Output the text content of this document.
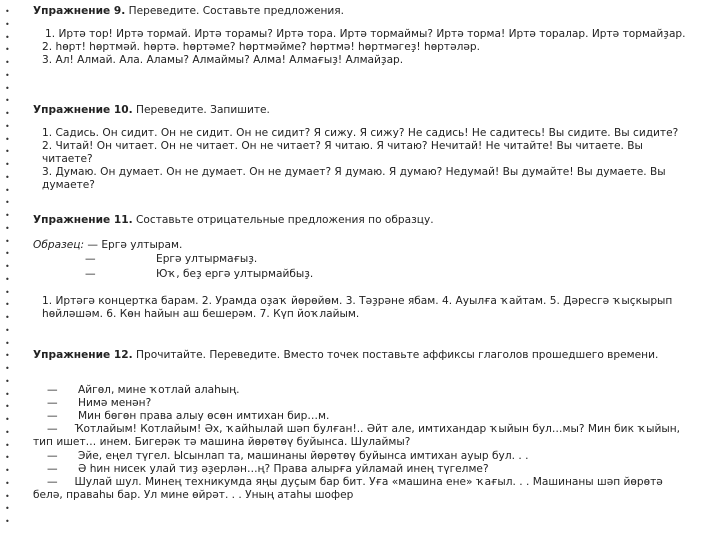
•
•
•
•
•
•
•
•
•
•
•
•
•
•
•
•
•
•
•
•
•
•
•
•
•
•
•
•
•
•
•
•
•
•
•
•
•
•
•
•
•

Упражнение 9. Переведите. Составьте предложения.

1. Иртә тор! Иртә тормай. Иртә торамы? Иртә тора. Иртә тормаймы? Иртә торма! Иртә торалар. Иртә тормайҙар.

2. һөрт! һөртмәй. һөртә. һөртәме? һөртмәйме? һөртмә! һөртмәгеҙ! һөртәләр.

3. Ал! Алмай. Ала. Аламы? Алмаймы? Алма! Алмағыҙ! Алмайҙар.

Упражнение 10. Переведите. Запишите.

1. Садись. Он сидит. Он не сидит. Он не сидит? Я сижу. Я сижу? Не садись! Не садитесь! Вы сидите. Вы сидите?

2. Читай! Он читает. Он не читает. Он не читает? Я читаю. Я читаю? Нечитай! Не читайте! Вы читаете. Вы читаете?

3. Думаю. Он думает. Он не думает. Он не думает? Я думаю. Я думаю? Недумай! Вы думайте! Вы думаете. Вы думаете?

Упражнение 11. Составьте отрицательные предложения по образцу.

Образец: — Ергә ултырам.

—	Ергә ултырмағыҙ.
—	Юҡ, беҙ ергә ултырмайбыҙ.

1. Иртәгә концертка барам. 2. Урамда оҙаҡ йөрөйөм. 3. Тәҙрәне ябам. 4. Ауылға ҡайтам. 5. Дәресгә ҡыҫкырып һөйләшәм. 6. Көн һайын аш бешерәм. 7. Күп йоҡлайым.

Упражнение 12. Прочитайте. Переведите. Вместо точек поставьте аффиксы глаголов прошедшего времени.

— Айгөл, мине ҡотлай алаһың.
— Нимә менән?
— Мин бөгөн права алыу өсөн имтихан бир…м.

— Ҡотлайым! Котлайым! Әх, ҡайһылай шәп булған!.. Әйт але, имтихандар ҡыйын бул…мы? Мин бик ҡыйын, тип ишет… инем. Бигерәк тә машина йөрөтөү буйынса. Шулаймы?

— Эйе, еңел түгел. Ысынлап та, машинаны йөрөтөү буйынса имтихан ауыр бул. . .
— Ә һин нисек улай тиҙ әҙерлән…ң? Права алырға уйламай инең түгелме?

— Шулай шул. Минең техникумда яңы дуҫым бар бит. Уға «машина ене» ҡағыл. . . Машинаны шәп йөрөтә белә, праваһы бар. Ул мине өйрәт. . . Уның атаһы шофер
